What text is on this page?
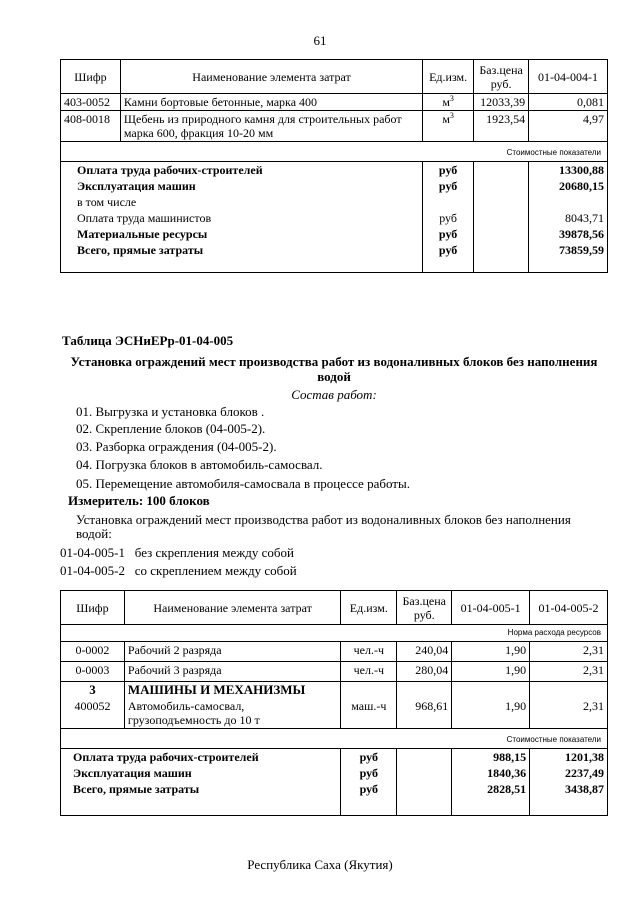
61
Шифр	Наименование элемента затрат	Ед.изм.	Баз.цена руб.	01-04-004-1
403-0052	Камни бортовые бетонные, марка 400	$м^3$	12033,39	0,081
408-0018	Щебень из природного камня для строительных работ марка 600, фракция 10-20 мм	$м^3$	1923,54	4,97
Стоимостные показатели				
Оплата труда рабочих-строителей		руб		13300,88
Эксплуатация машин		руб		20680,15
в том числе				
Оплата труда машинистов		руб		8043,71
Материальные ресурсы		руб		39878,56
Всего, прямые затраты		руб		73859,59

Таблица ЭСНиЕРр-01-04-005
Установка ограждений мест производства работ из водоналивных блоков без наполнения
водой
Состав работ:
01. Выгрузка и установка блоков .
02. Скрепление блоков (04-005-2).
03. Разборка ограждения (04-005-2).
04. Погрузка блоков в автомобиль-самосвал.
05. Перемещение автомобиля-самосвала в процессе работы.
Измеритель: 100 блоков
Установка ограждений мест производства работ из водоналивных блоков без наполнения
водой:
01-04-005-1 без скрепления между собой
01-04-005-2 со скреплением между собой
Шифр	Наименование элемента затрат	Ед.изм.	Баз.цена руб.	01-04-005-1	01-04-005-2
Норма расхода ресурсов					
0-0002	Рабочий 2 разряда	чел.-ч	240,04	1,90	2,31
0-0003	Рабочий 3 разряда	чел.-ч	280,04	1,90	2,31
3	МАШИНЫ И МЕХАНИЗМЫ				
400052	Автомобиль-самосвал, грузоподъемность до 10 т	маш.-ч	968,61	1,90	2,31
Стоимостные показатели					
Оплата труда рабочих-строителей		руб		988,15	1201,38
Эксплуатация машин		руб		1840,36	2237,49
Всего, прямые затраты		руб		2828,51	3438,87

Республика Саха (Якутия)
